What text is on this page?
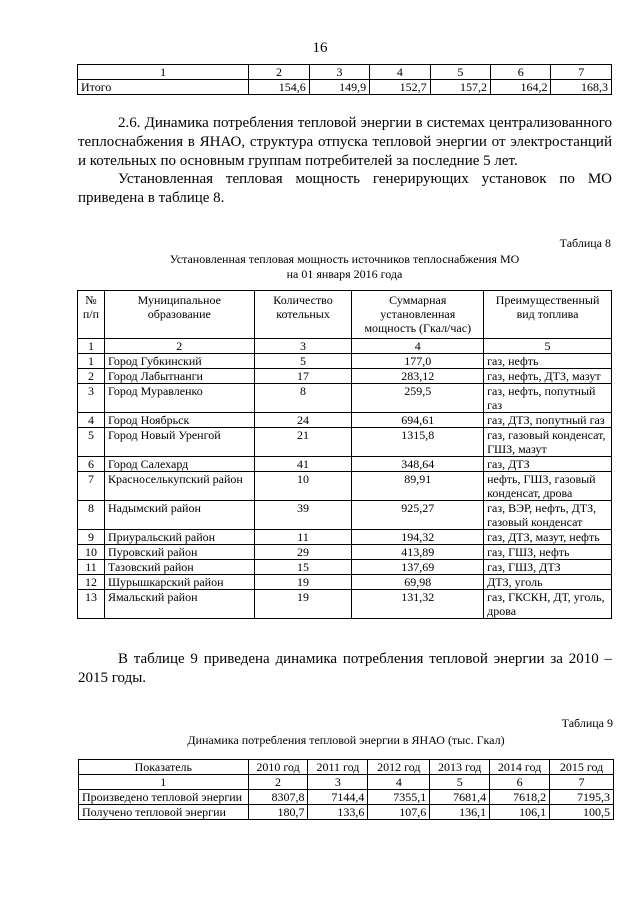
16
1	2	3	4	5	6	7
Итого	154,6	149,9	152,7	157,2	164,2	168,3
2.6. Динамика потребления тепловой энергии в системах централизованного теплоснабжения в ЯНАО, структура отпуска тепловой энергии от электростанций и котельных по основным группам потребителей за последние 5 лет.
Установленная тепловая мощность генерирующих установок по МО приведена в таблице 8.
Таблица 8
Установленная тепловая мощность источников теплоснабжения МО
на 01 января 2016 года
№ п/п	Муниципальное образование	Количество котельных	Суммарная установленная мощность (Гкал/час)	Преимущественный вид топлива
1	2	3	4	5
1	Город Губкинский	5	177,0	газ, нефть
2	Город Лабытнанги	17	283,12	газ, нефть, ДТЗ, мазут
3	Город Муравленко	8	259,5	газ, нефть, попутный газ
4	Город Ноябрьск	24	694,61	газ, ДТЗ, попутный газ
5	Город Новый Уренгой	21	1315,8	газ, газовый конденсат, ГШЗ, мазут
6	Город Салехард	41	348,64	газ, ДТЗ
7	Красноселькупский район	10	89,91	нефть, ГШЗ, газовый конденсат, дрова
8	Надымский район	39	925,27	газ, ВЭР, нефть, ДТЗ, газовый конденсат
9	Приуральский район	11	194,32	газ, ДТЗ, мазут, нефть
10	Пуровский район	29	413,89	газ, ГШЗ, нефть
11	Тазовский район	15	137,69	газ, ГШЗ, ДТЗ
12	Шурышкарский район	19	69,98	ДТЗ, уголь
13	Ямальский район	19	131,32	газ, ГКСКН, ДТ, уголь, дрова
В таблице 9 приведена динамика потребления тепловой энергии за 2010 – 2015 годы.
Таблица 9
Динамика потребления тепловой энергии в ЯНАО (тыс. Гкал)
Показатель	2010 год	2011 год	2012 год	2013 год	2014 год	2015 год
1	2	3	4	5	6	7
Произведено тепловой энергии	8307,8	7144,4	7355,1	7681,4	7618,2	7195,3
Получено тепловой энергии	180,7	133,6	107,6	136,1	106,1	100,5
